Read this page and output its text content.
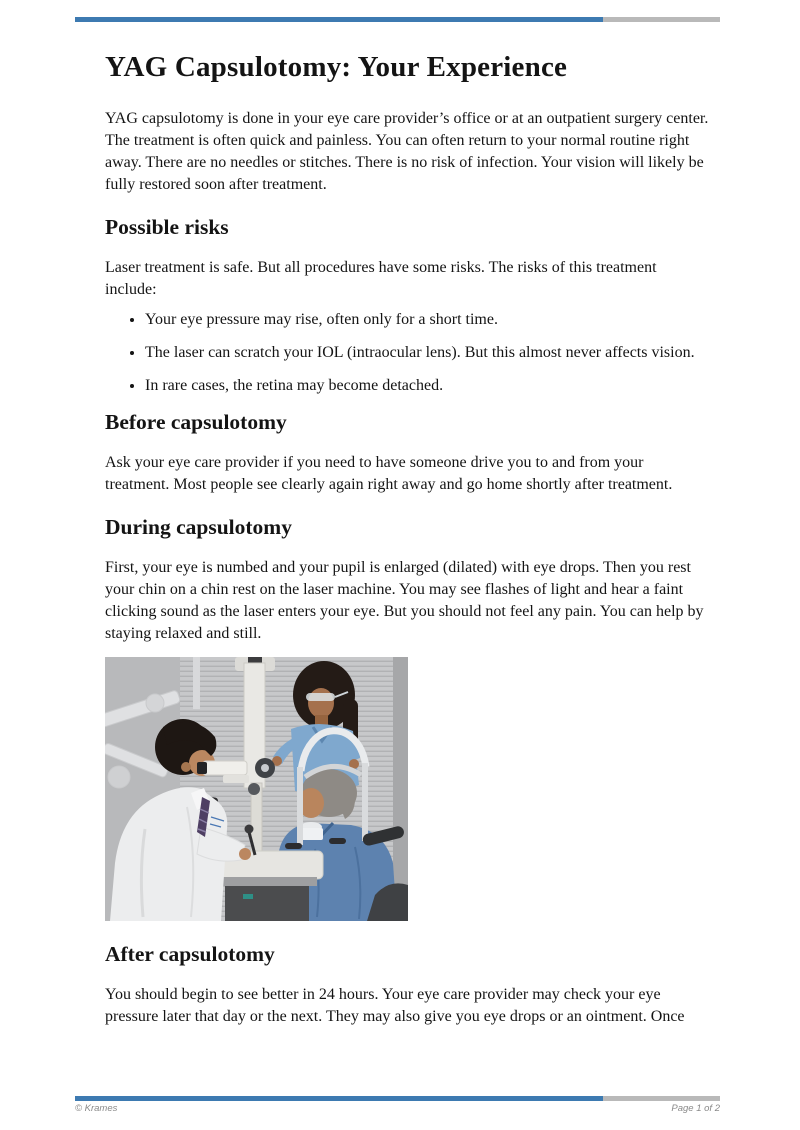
YAG Capsulotomy: Your Experience

YAG capsulotomy is done in your eye care provider’s office or at an outpatient surgery center. The treatment is often quick and painless. You can often return to your normal routine right away. There are no needles or stitches. There is no risk of infection. Your vision will likely be fully restored soon after treatment.

Possible risks

Laser treatment is safe. But all procedures have some risks. The risks of this treatment include:

• Your eye pressure may rise, often only for a short time.
• The laser can scratch your IOL (intraocular lens). But this almost never affects vision.
• In rare cases, the retina may become detached.
Before capsulotomy

Ask your eye care provider if you need to have someone drive you to and from your treatment. Most people see clearly again right away and go home shortly after treatment.

During capsulotomy

First, your eye is numbed and your pupil is enlarged (dilated) with eye drops. Then you rest your chin on a chin rest on the laser machine. You may see flashes of light and hear a faint clicking sound as the laser enters your eye. But you should not feel any pain. You can help by staying relaxed and still.

After capsulotomy

You should begin to see better in 24 hours. Your eye care provider may check your eye pressure later that day or the next. They may also give you eye drops or an ointment. Once

© Krames	Page 1 of 2
